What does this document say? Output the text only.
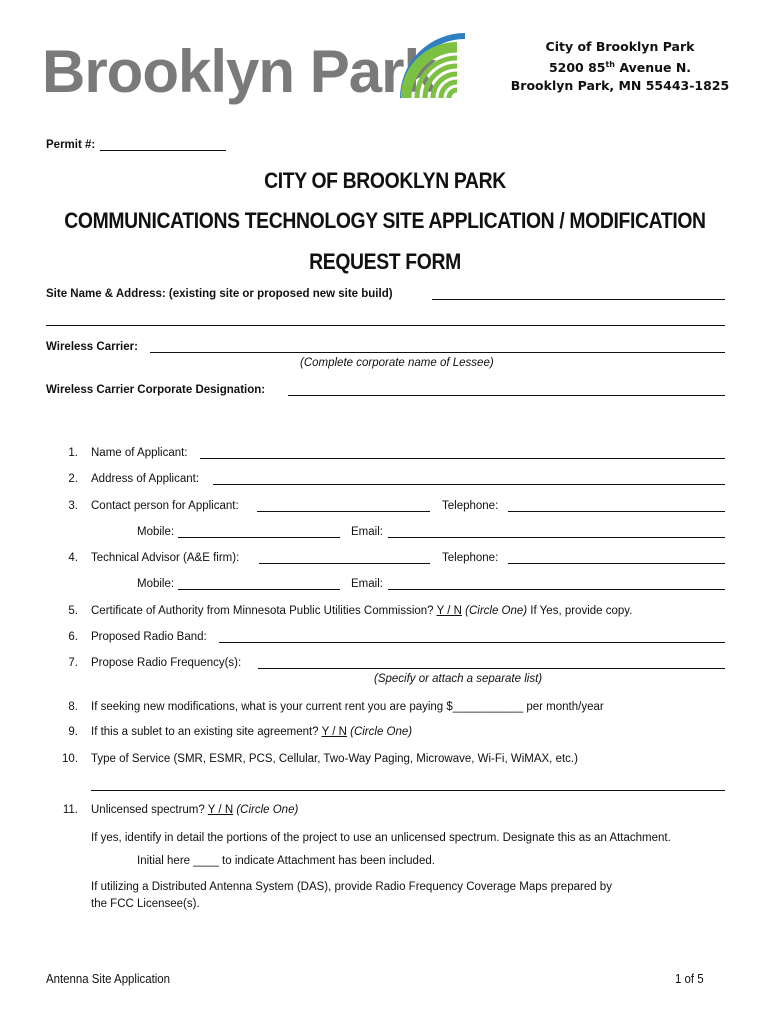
Brooklyn Park	City of Brooklyn Park
5200 85th Avenue N.
Brooklyn Park, MN 55443-1825
Permit #:
CITY OF BROOKLYN PARK
COMMUNICATIONS TECHNOLOGY SITE APPLICATION / MODIFICATION
REQUEST FORM
Site Name & Address: (existing site or proposed new site build)
Wireless Carrier:
(Complete corporate name of Lessee)
Wireless Carrier Corporate Designation:
1. Name of Applicant:
2. Address of Applicant:
3. Contact person for Applicant:	Telephone:
Mobile:	Email:
4. Technical Advisor (A&E firm):	Telephone:
Mobile:	Email:
5. Certificate of Authority from Minnesota Public Utilities Commission? Y / N (Circle One) If Yes, provide copy.
6. Proposed Radio Band:
7. Propose Radio Frequency(s):
(Specify or attach a separate list)
8. If seeking new modifications, what is your current rent you are paying $___________ per month/year
9. If this a sublet to an existing site agreement? Y / N (Circle One)
10. Type of Service (SMR, ESMR, PCS, Cellular, Two-Way Paging, Microwave, Wi-Fi, WiMAX, etc.)
11. Unlicensed spectrum? Y / N (Circle One)
If yes, identify in detail the portions of the project to use an unlicensed spectrum. Designate this as an Attachment.
Initial here ____ to indicate Attachment has been included.
If utilizing a Distributed Antenna System (DAS), provide Radio Frequency Coverage Maps prepared by
the FCC Licensee(s).
Antenna Site Application	1 of 5
